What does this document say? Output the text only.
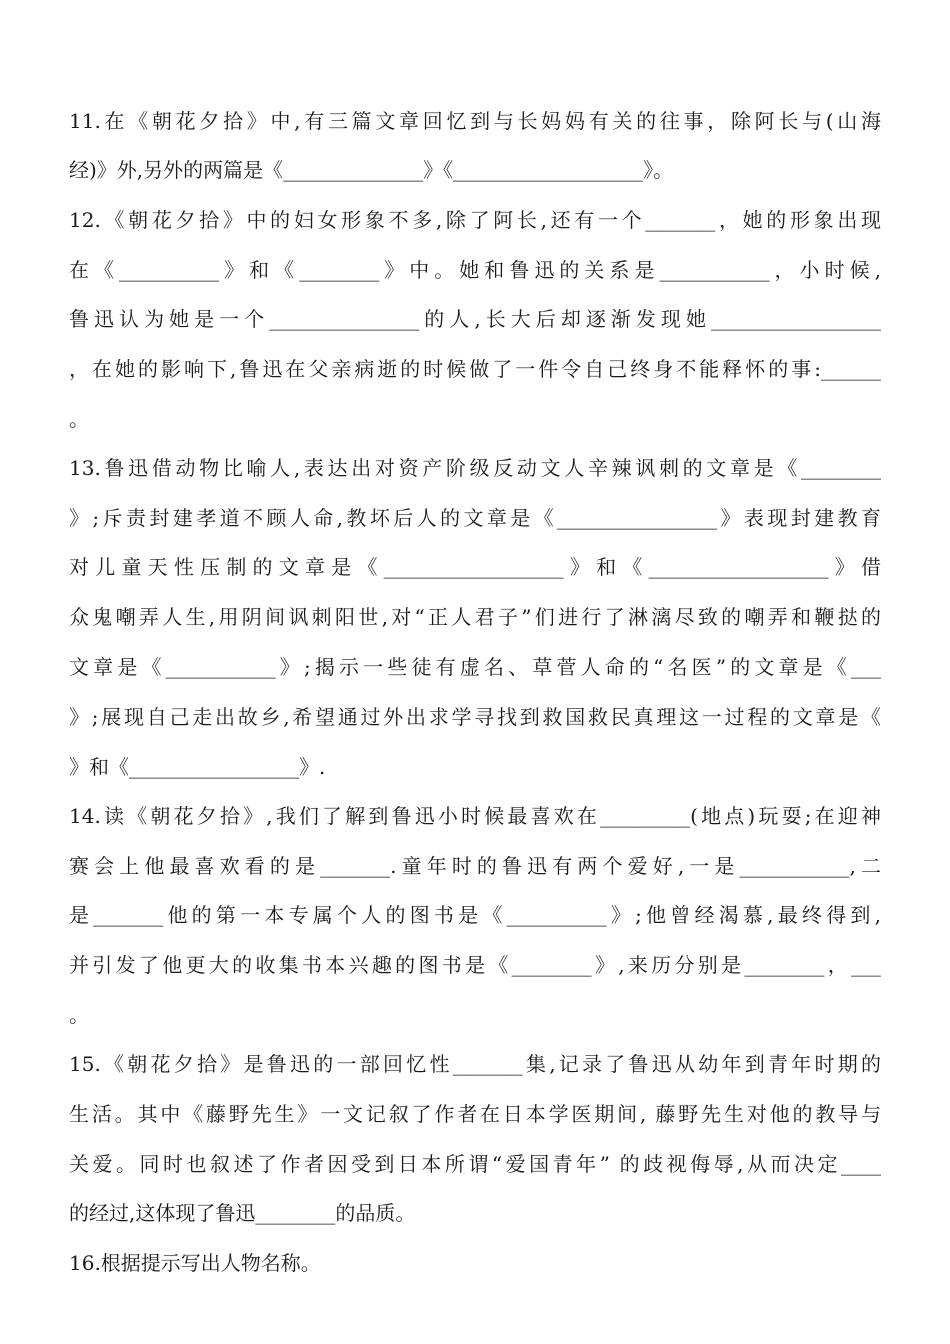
11.在《朝花夕拾》中,有三篇文章回忆到与长妈妈有关的往事，除阿长与(山海
经)》外,另外的两篇是《______________》《___________________》。
12.《朝花夕拾》中的妇女形象不多,除了阿长,还有一个_______，她的形象出现
在《__________》和《________》中。她和鲁迅的关系是___________，小时候,
鲁迅认为她是一个_______________的人,长大后却逐渐发现她_________________
，在她的影响下,鲁迅在父亲病逝的时候做了一件令自己终身不能释怀的事:______
。
13.鲁迅借动物比喻人,表达出对资产阶级反动文人辛辣讽刺的文章是《________
》;斥责封建孝道不顾人命,教坏后人的文章是《________________》表现封建教育
对儿童天性压制的文章是《__________________》和《__________________》借
众鬼嘲弄人生,用阴间讽刺阳世,对“正人君子”们进行了淋漓尽致的嘲弄和鞭挞的
文章是《___________》;揭示一些徒有虚名、草菅人命的“名医”的文章是《___
》;展现自己走出故乡,希望通过外出求学寻找到救国救民真理这一过程的文章是《
》和《_________________》.
14.读《朝花夕拾》,我们了解到鲁迅小时候最喜欢在_________(地点)玩耍;在迎神
赛会上他最喜欢看的是_______.童年时的鲁迅有两个爱好,一是___________,二
是_______他的第一本专属个人的图书是《__________》;他曾经渴慕,最终得到,
并引发了他更大的收集书本兴趣的图书是《________》,来历分别是________，___
。
15.《朝花夕拾》是鲁迅的一部回忆性_______集,记录了鲁迅从幼年到青年时期的
生活。其中《藤野先生》一文记叙了作者在日本学医期间, 藤野先生对他的教导与
关爱。同时也叙述了作者因受到日本所谓“爱国青年” 的歧视侮辱,从而决定____
的经过,这体现了鲁迅________的品质。
16.根据提示写出人物名称。
